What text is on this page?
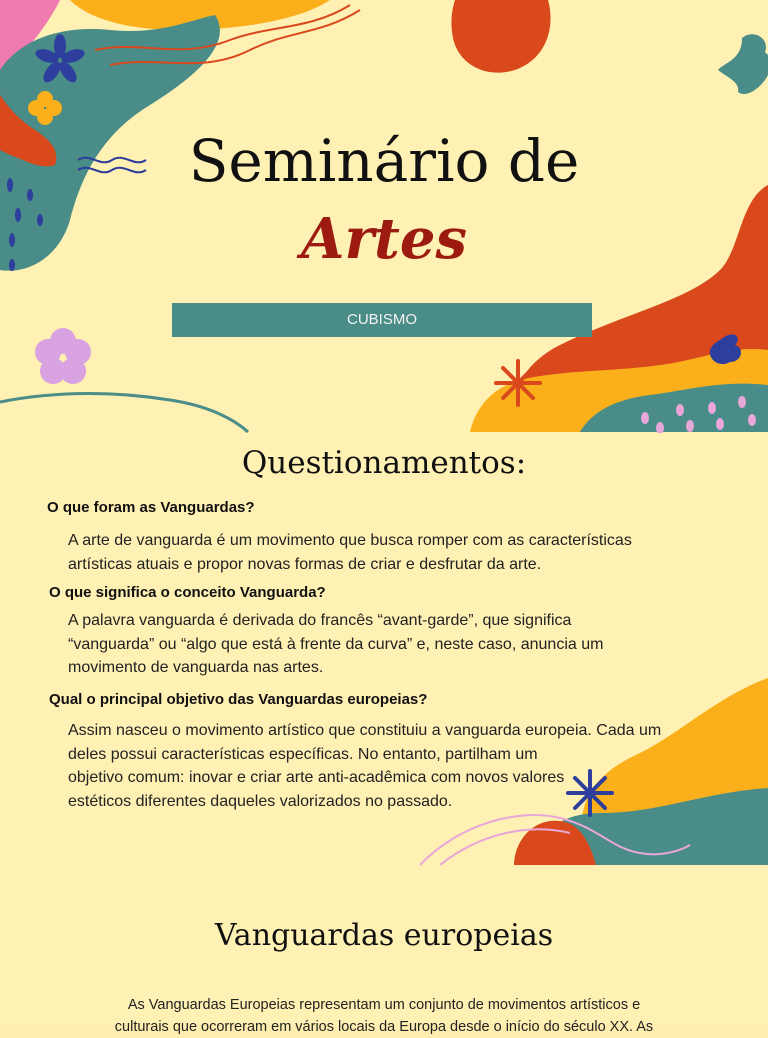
Seminário de
Artes
CUBISMO
Questionamentos:

O que foram as Vanguardas?

A arte de vanguarda é um movimento que busca romper com as características
artísticas atuais e propor novas formas de criar e desfrutar da arte.

O que significa o conceito Vanguarda?

A palavra vanguarda é derivada do francês “avant-garde”, que significa
“vanguarda” ou “algo que está à frente da curva” e, neste caso, anuncia um
movimento de vanguarda nas artes.

Qual o principal objetivo das Vanguardas europeias?

Assim nasceu o movimento artístico que constituiu a vanguarda europeia. Cada um
deles possui características específicas. No entanto, partilham um
objetivo comum: inovar e criar arte anti-acadêmica com novos valores
estéticos diferentes daqueles valorizados no passado.

Vanguardas europeias
As Vanguardas Europeias representam um conjunto de movimentos artísticos e
culturais que ocorreram em vários locais da Europa desde o início do século XX. As
